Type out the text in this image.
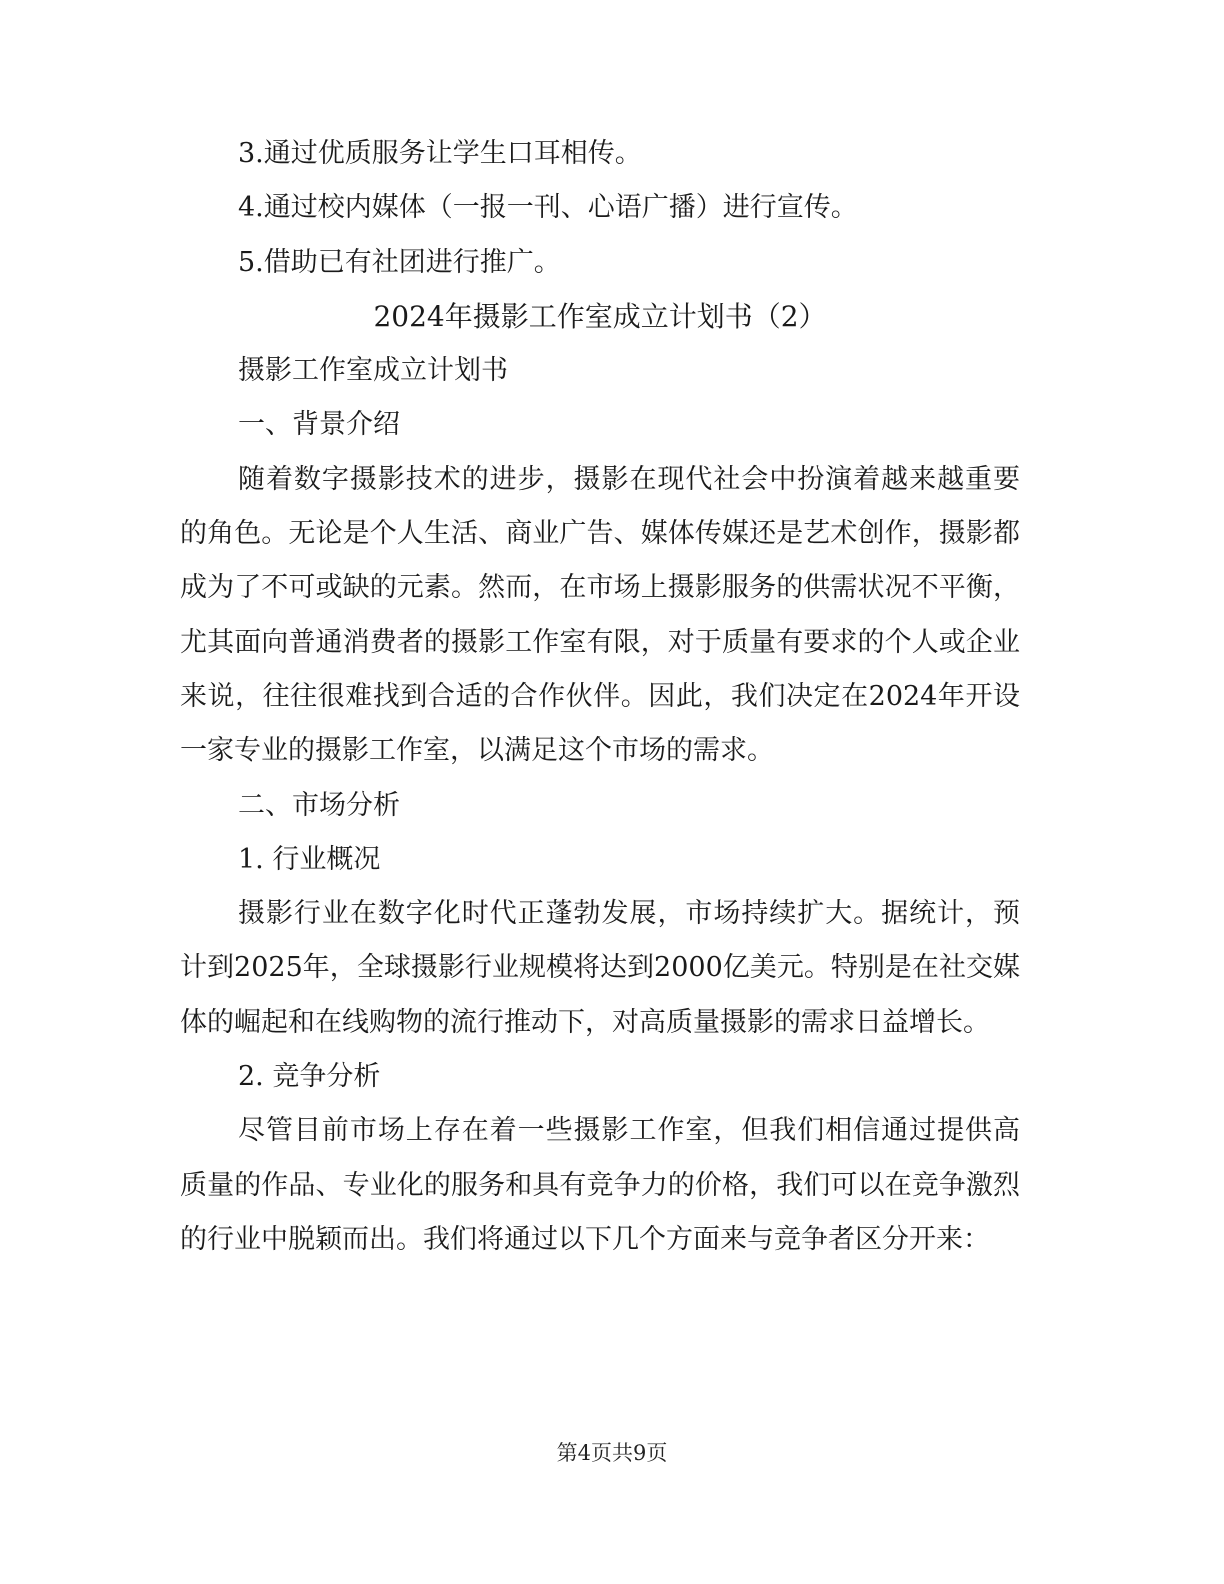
3.通过优质服务让学生口耳相传。

4.通过校内媒体（一报一刊、心语广播）进行宣传。

5.借助已有社团进行推广。

2024年摄影工作室成立计划书（2）

摄影工作室成立计划书

一、背景介绍

随着数字摄影技术的进步，摄影在现代社会中扮演着越来越重要的角色。无论是个人生活、商业广告、媒体传媒还是艺术创作，摄影都成为了不可或缺的元素。然而，在市场上摄影服务的供需状况不平衡，尤其面向普通消费者的摄影工作室有限，对于质量有要求的个人或企业来说，往往很难找到合适的合作伙伴。因此，我们决定在2024年开设一家专业的摄影工作室，以满足这个市场的需求。

二、市场分析

1. 行业概况

摄影行业在数字化时代正蓬勃发展，市场持续扩大。据统计，预计到2025年，全球摄影行业规模将达到2000亿美元。特别是在社交媒体的崛起和在线购物的流行推动下，对高质量摄影的需求日益增长。

2. 竞争分析

尽管目前市场上存在着一些摄影工作室，但我们相信通过提供高质量的作品、专业化的服务和具有竞争力的价格，我们可以在竞争激烈的行业中脱颖而出。我们将通过以下几个方面来与竞争者区分开来：

第4页共9页
